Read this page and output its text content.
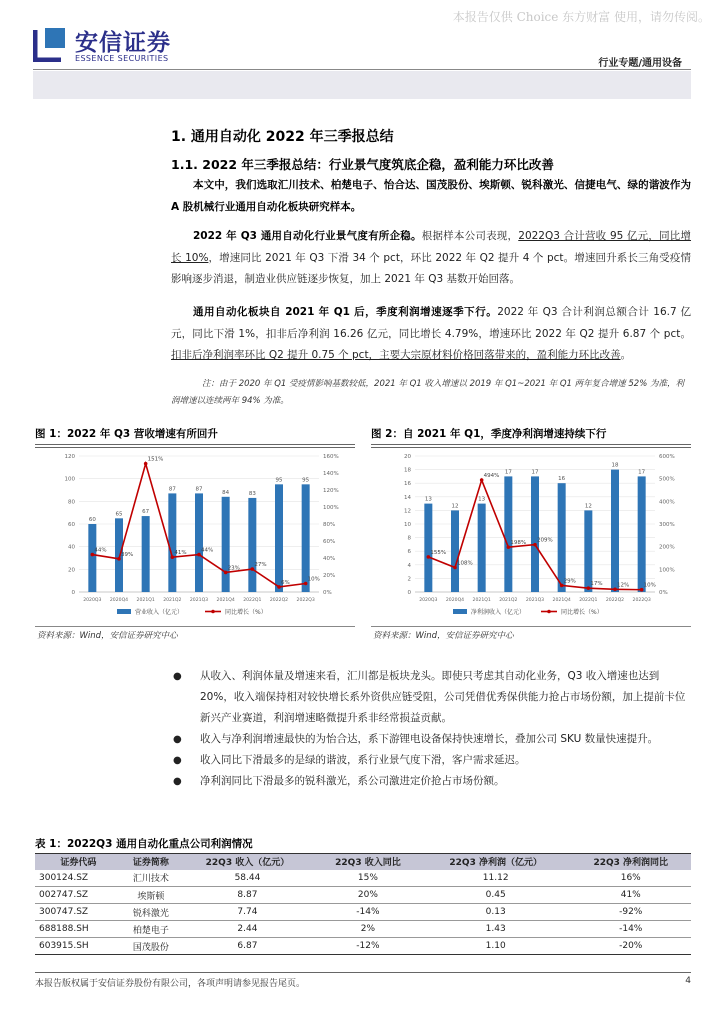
本报告仅供 Choice 东方财富 使用，请勿传阅。
安信证券
ESSENCE SECURITIES	行业专题/通用设备
1. 通用自动化 2022 年三季报总结
1.1. 2022 年三季报总结：行业景气度筑底企稳，盈利能力环比改善
本文中，我们选取汇川技术、柏楚电子、怡合达、国茂股份、埃斯顿、锐科激光、信捷电气、绿的谐波作为 A 股机械行业通用自动化板块研究样本。
2022 年 Q3 通用自动化行业景气度有所企稳。根据样本公司表现，2022Q3 合计营收 95 亿元，同比增长 10%，增速同比 2021 年 Q3 下滑 34 个 pct，环比 2022 年 Q2 提升 4 个 pct。增速回升系长三角受疫情影响逐步消退，制造业供应链逐步恢复，加上 2021 年 Q3 基数开始回落。
通用自动化板块自 2021 年 Q1 后，季度利润增速逐季下行。2022 年 Q3 合计利润总额合计 16.7 亿元，同比下滑 1%，扣非后净利润 16.26 亿元，同比增长 4.79%，增速环比 2022 年 Q2 提升 6.87 个 pct。扣非后净利润率环比 Q2 提升 0.75 个 pct，主要大宗原材料价格回落带来的，盈利能力环比改善。
注：由于 2020 年 Q1 受疫情影响基数较低，2021 年 Q1 收入增速以 2019 年 Q1~2021 年 Q1 两年复合增速 52% 为准，利润增速以连续两年 94% 为准。
图 1：2022 年 Q3 营收增速有所回升
0
20
40
60
80
100
120
0%
20%
40%
60%
80%
100%
120%
140%
160%
60
2020Q3
65
2020Q4
67
2021Q1
87
2021Q2
87
2021Q3
84
2021Q4
83
2022Q1
95
2022Q2
95
2022Q3
44%
39%
151%
41%	44%
23%
27%
6%
10%
营业收入（亿元）	同比增长（%）
资料来源：Wind，安信证券研究中心
图 2：自 2021 年 Q1，季度净利润增速持续下行
0
2
4
6
8
10
12
14
16
18
20
0%
100%
200%
300%
400%
500%
600%
13
2020Q3
12
2020Q4
13
2021Q1
17
2021Q2
17
2021Q3
16
2021Q4
12
2022Q1
18
2022Q2
17
2022Q3
155%
108%
494%
198% 209%
29%	17%	12%	10%
净利润收入（亿元）	同比增长（%）
资料来源：Wind，安信证券研究中心
● 从收入、利润体量及增速来看，汇川都是板块龙头。即使只考虑其自动化业务，Q3 收入增速也达到 20%，收入端保持相对较快增长系外资供应链受阻，公司凭借优秀保供能力抢占市场份额，加上提前卡位新兴产业赛道，利润增速略微提升系非经常损益贡献。
● 收入与净利润增速最快的为怡合达，系下游锂电设备保持快速增长，叠加公司 SKU 数量快速提升。
● 收入同比下滑最多的是绿的谐波，系行业景气度下滑，客户需求延迟。
● 净利润同比下滑最多的锐科激光，系公司激进定价抢占市场份额。
表 1：2022Q3 通用自动化重点公司利润情况
证券代码	证券简称	22Q3 收入（亿元）	22Q3 收入同比	22Q3 净利润（亿元）	22Q3 净利润同比
300124.SZ	汇川技术	58.44	15%	11.12	16%
002747.SZ	埃斯顿	8.87	20%	0.45	41%
300747.SZ	锐科激光	7.74	-14%	0.13	-92%
688188.SH	柏楚电子	2.44	2%	1.43	-14%
603915.SH	国茂股份	6.87	-12%	1.10	-20%
本报告版权属于安信证券股份有限公司，各项声明请参见报告尾页。	4
